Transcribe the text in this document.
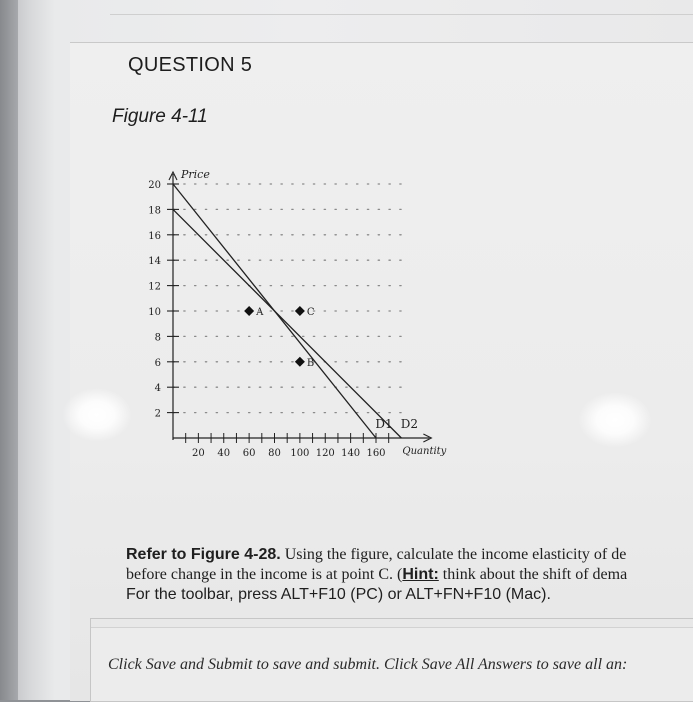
QUESTION 5
Figure 4-11
2
4
6
8
10
12
14
16
18
20
20 40 60 80 100 120 140 160
Price
Quantity
D1 D2
A	C
B
Refer to Figure 4-28. Using the figure, calculate the income elasticity of de
before change in the income is at point C. (Hint: think about the shift of dema
For the toolbar, press ALT+F10 (PC) or ALT+FN+F10 (Mac).
Click Save and Submit to save and submit. Click Save All Answers to save all an:
